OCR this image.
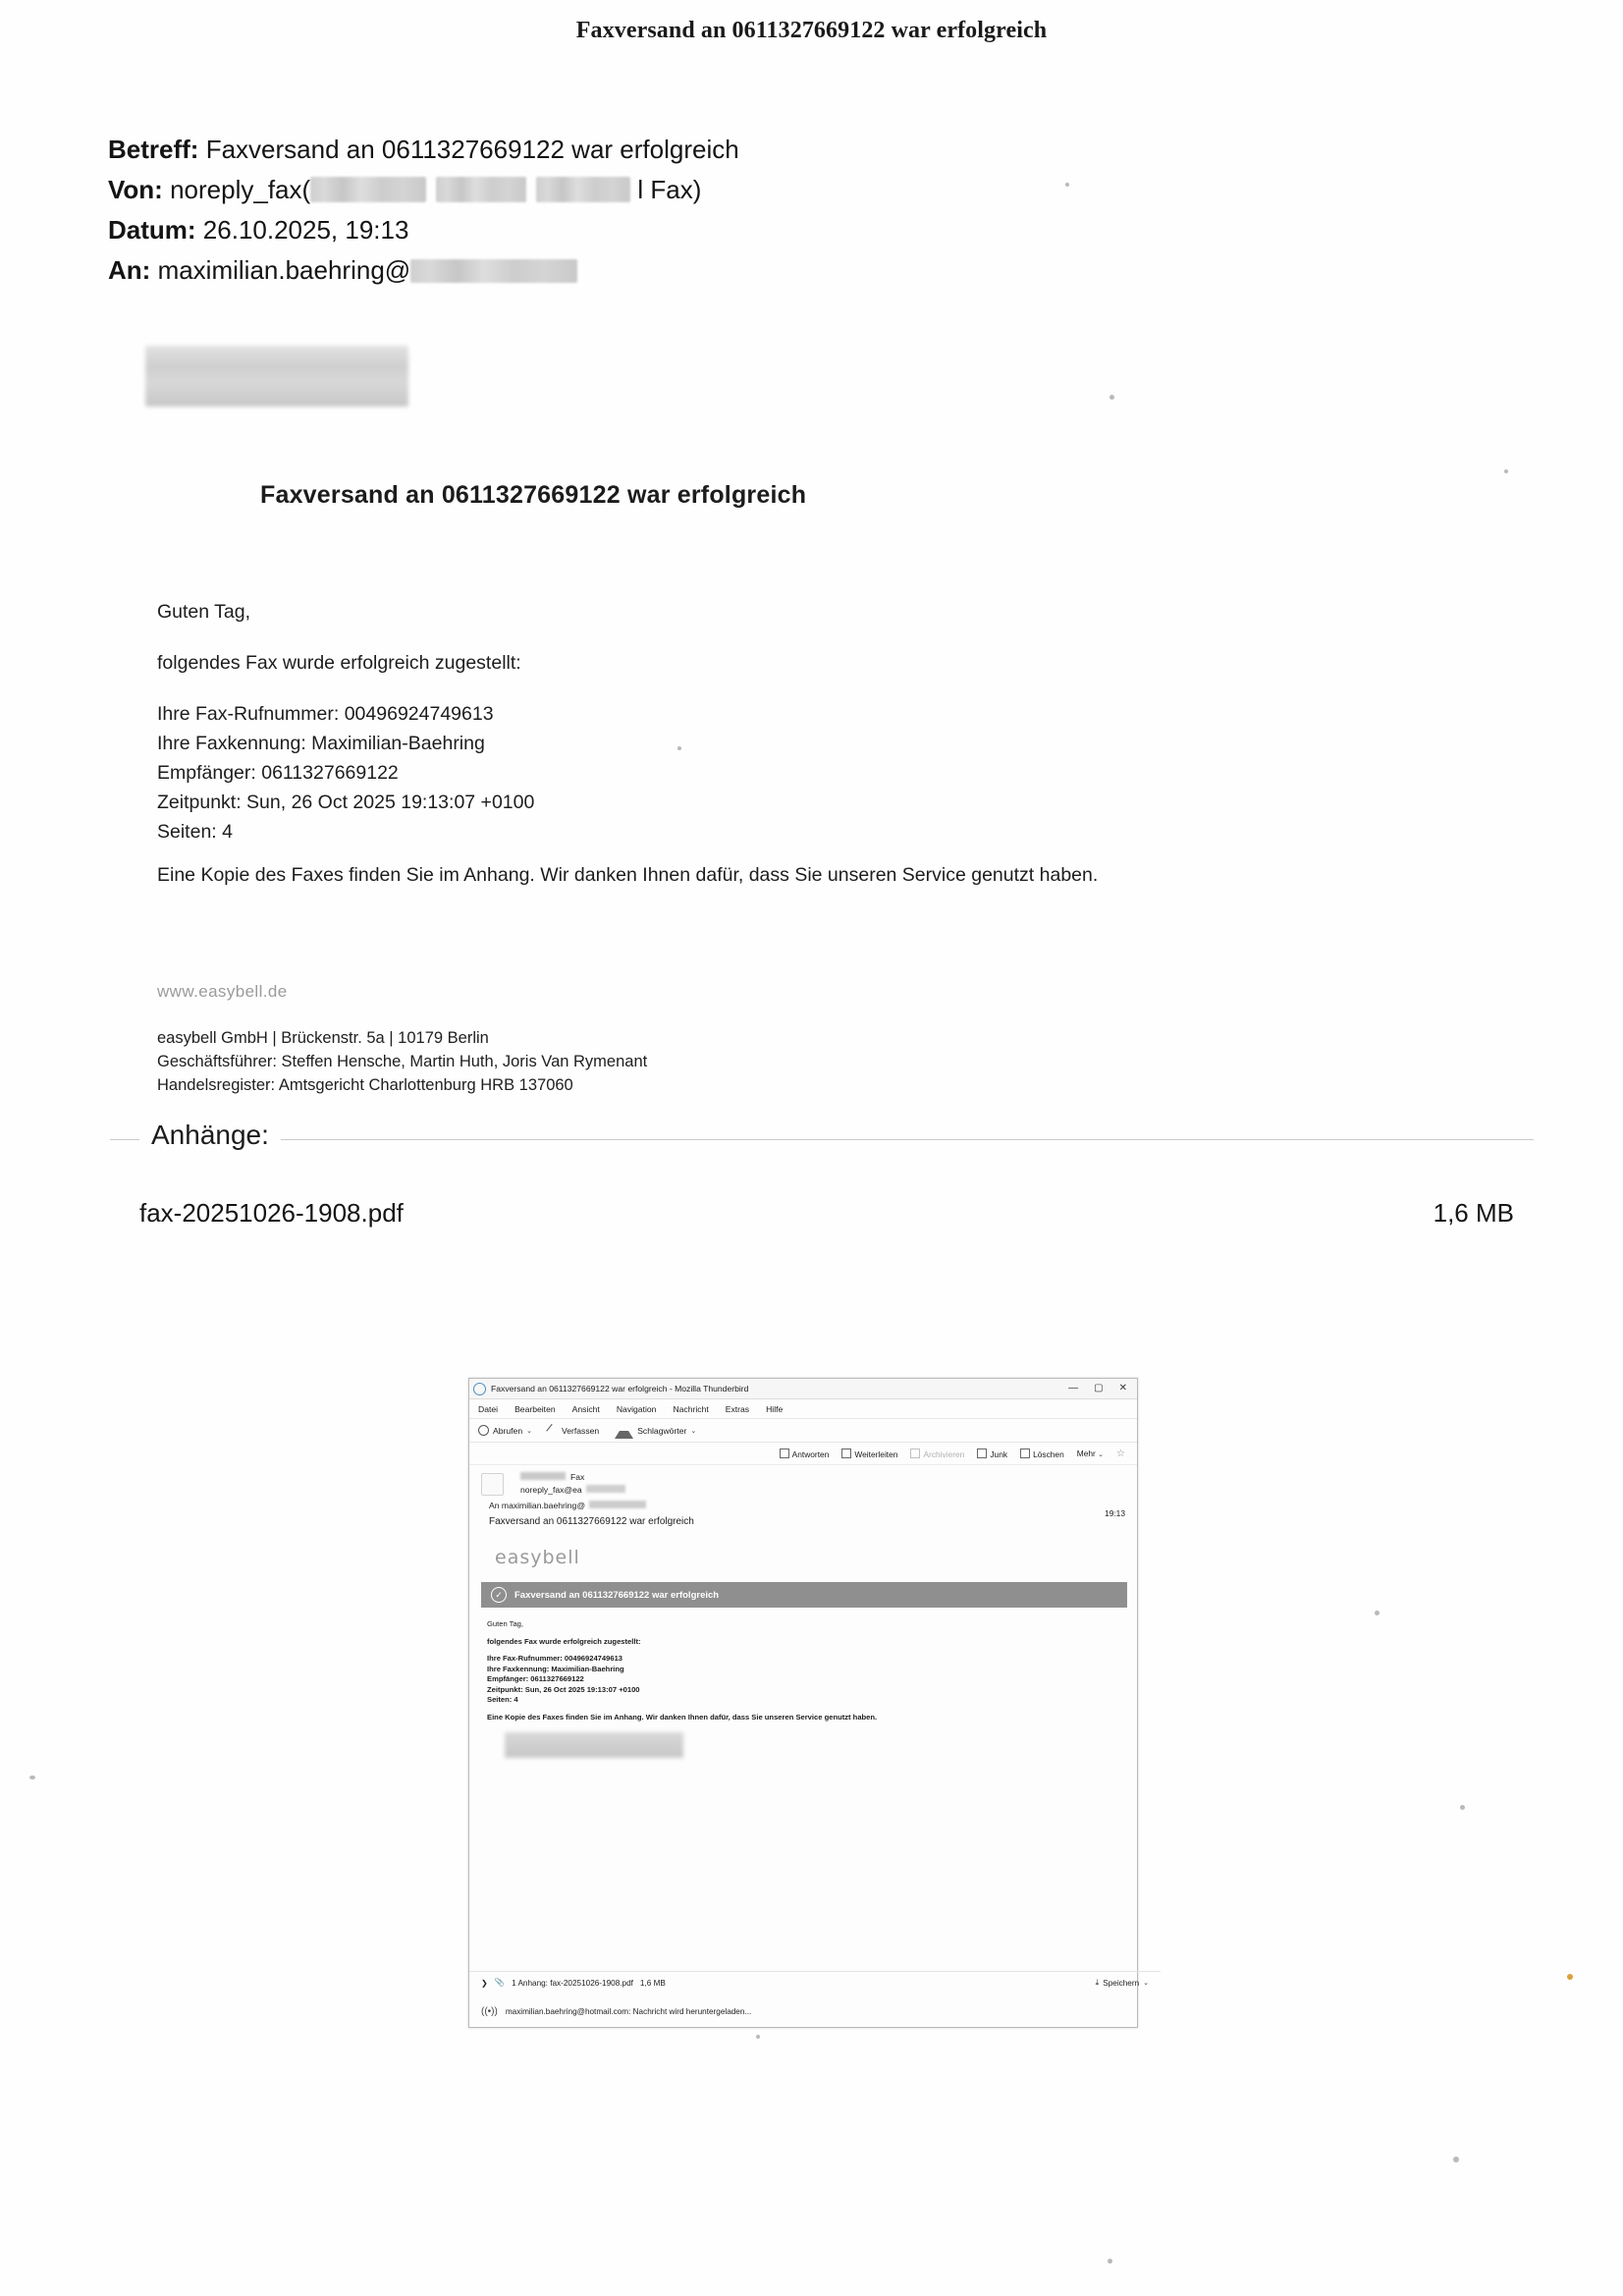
Faxversand an 0611327669122 war erfolgreich
Betreff: Faxversand an 0611327669122 war erfolgreich
Von: noreply_fax(	l Fax)
Datum: 26.10.2025, 19:13
An: maximilian.baehring@
Faxversand an 0611327669122 war erfolgreich

Guten Tag,

folgendes Fax wurde erfolgreich zugestellt:

Ihre Fax-Rufnummer: 00496924749613

Ihre Faxkennung: Maximilian-Baehring

Empfänger: 0611327669122

Zeitpunkt: Sun, 26 Oct 2025 19:13:07 +0100

Seiten: 4

Eine Kopie des Faxes finden Sie im Anhang. Wir danken Ihnen dafür, dass Sie unseren Service genutzt haben.

www.easybell.de
easybell GmbH | Brückenstr. 5a | 10179 Berlin
Geschäftsführer: Steffen Hensche, Martin Huth, Joris Van Rymenant
Handelsregister: Amtsgericht Charlottenburg HRB 137060
Anhänge:
fax-20251026-1908.pdf	1,6 MB
Faxversand an 0611327669122 war erfolgreich - Mozilla Thunderbird	— ▢ ✕
Datei Bearbeiten Ansicht Navigation Nachricht Extras Hilfe
Abrufen ⌄	Verfassen	Schlagwörter ⌄
Antworten	Weiterleiten	Archivieren	Junk	Löschen Mehr ⌄ ☆
Fax
noreply_fax@ea
An maximilian.baehring@
19:13
Faxversand an 0611327669122 war erfolgreich
easybell
✓	Faxversand an 0611327669122 war erfolgreich

Guten Tag,

folgendes Fax wurde erfolgreich zugestellt:

Ihre Fax-Rufnummer: 00496924749613

Ihre Faxkennung: Maximilian-Baehring

Empfänger: 0611327669122

Zeitpunkt: Sun, 26 Oct 2025 19:13:07 +0100

Seiten: 4

Eine Kopie des Faxes finden Sie im Anhang. Wir danken Ihnen dafür, dass Sie unseren Service genutzt haben.

❯ 📎 1 Anhang: fax-20251026-1908.pdf 1,6 MB	⤓ Speichern ⌄
((•)) maximilian.baehring@hotmail.com: Nachricht wird heruntergeladen...
